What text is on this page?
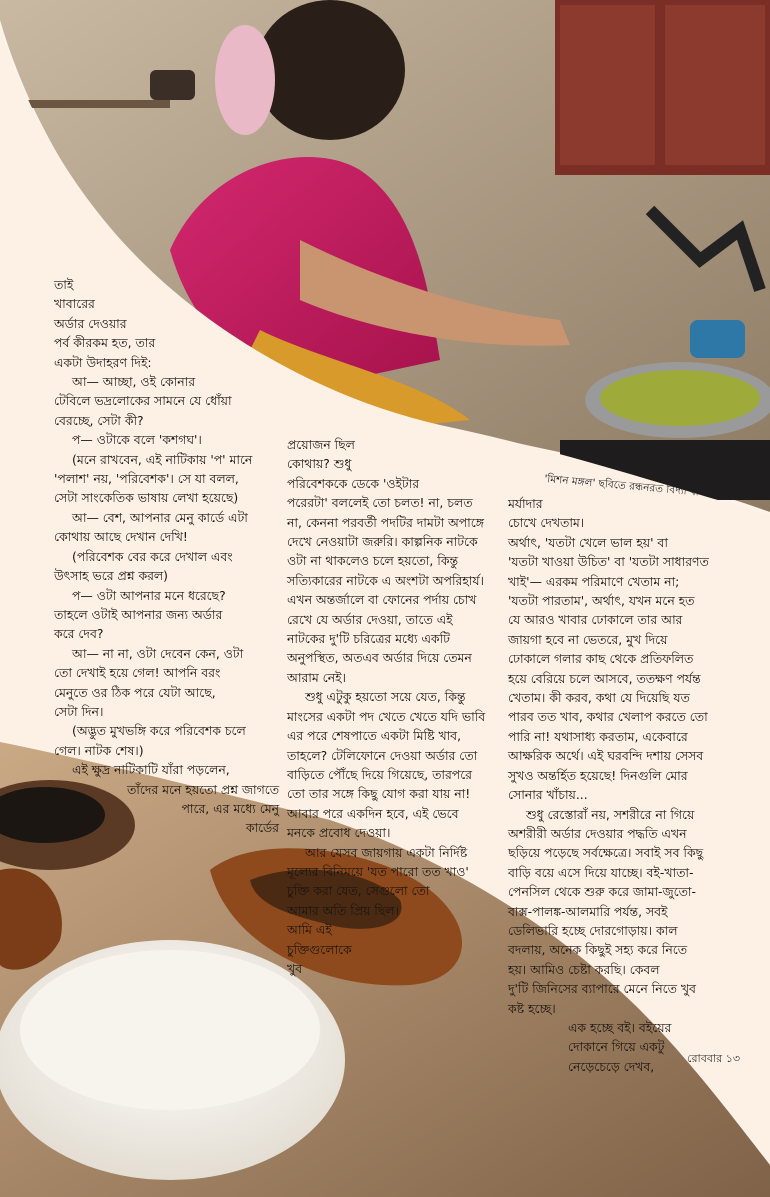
'মিশন মঙ্গল' ছবিতে রন্ধনরত বিদ্যা বালন

তাই

খাবারের

অর্ডার দেওয়ার

পর্ব কীরকম হত, তার

একটা উদাহরণ দিই:

আ— আচ্ছা, ওই কোনার

টেবিলে ভদ্রলোকের সামনে যে ধোঁয়া

বেরচ্ছে, সেটা কী?

প— ওটাকে বলে 'কশগঘ'।

(মনে রাখবেন, এই নাটিকায় 'প' মানে

'পলাশ' নয়, 'পরিবেশক'। সে যা বলল,

সেটা সাংকেতিক ভাষায় লেখা হয়েছে)

আ— বেশ, আপনার মেনু কার্ডে এটা

কোথায় আছে দেখান দেখি!

(পরিবেশক বের করে দেখাল এবং

উৎসাহ ভরে প্রশ্ন করল)

প— ওটা আপনার মনে ধরেছে?

তাহলে ওটাই আপনার জন্য অর্ডার

করে দেব?

আ— না না, ওটা দেবেন কেন, ওটা

তো দেখাই হয়ে গেল! আপনি বরং

মেনুতে ওর ঠিক পরে যেটা আছে,

সেটা দিন।

(অদ্ভুত মুখভঙ্গি করে পরিবেশক চলে

গেল। নাটক শেষ।)

এই ক্ষুদ্র নাটিকাটি যাঁরা পড়লেন,

তাঁদের মনে হয়তো প্রশ্ন জাগতে

পারে, এর মধ্যে মেনু

কার্ডের

প্রয়োজন ছিল

কোথায়? শুধু

পরিবেশককে ডেকে 'ওইটার

পরেরটা' বললেই তো চলত! না, চলত

না, কেননা পরবর্তী পদটির দামটা অপাঙ্গে

দেখে নেওয়াটা জরুরি। কাল্পনিক নাটকে

ওটা না থাকলেও চলে হয়তো, কিন্তু

সত্যিকারের নাটকে এ অংশটা অপরিহার্য।

এখন অন্তর্জালে বা ফোনের পর্দায় চোখ

রেখে যে অর্ডার দেওয়া, তাতে এই

নাটকের দু'টি চরিত্রের মধ্যে একটি

অনুপস্থিত, অতএব অর্ডার দিয়ে তেমন

আরাম নেই।

শুধু এটুকু হয়তো সয়ে যেত, কিন্তু

মাংসের একটা পদ খেতে খেতে যদি ভাবি

এর পরে শেষপাতে একটা মিষ্টি খাব,

তাহলে? টেলিফোনে দেওয়া অর্ডার তো

বাড়িতে পৌঁছে দিয়ে গিয়েছে, তারপরে

তো তার সঙ্গে কিছু যোগ করা যায় না!

আবার পরে একদিন হবে, এই ভেবে

মনকে প্রবোধ দেওয়া।

আর যেসব জায়গায় একটা নির্দিষ্ট

মূল্যের বিনিময়ে 'যত পারো তত খাও'

চুক্তি করা যেত, সেগুলো তো

আমার অতি প্রিয় ছিল।

আমি এই

চুক্তিগুলোকে

খুব

মর্যাদার

চোখে দেখতাম।

অর্থাৎ, 'যতটা খেলে ভাল হয়' বা

'যতটা খাওয়া উচিত' বা 'যতটা সাধারণত

খাই'— এরকম পরিমাণে খেতাম না;

'যতটা পারতাম', অর্থাৎ, যখন মনে হত

যে আরও খাবার ঢোকালে তার আর

জায়গা হবে না ভেতরে, মুখ দিয়ে

ঢোকালে গলার কাছ থেকে প্রতিফলিত

হয়ে বেরিয়ে চলে আসবে, ততক্ষণ পর্যন্ত

খেতাম। কী করব, কথা যে দিয়েছি যত

পারব তত খাব, কথার খেলাপ করতে তো

পারি না! যথাসাধ্য করতাম, একেবারে

আক্ষরিক অর্থে। এই ঘরবন্দি দশায় সেসব

সুখও অন্তর্হিত হয়েছে! দিনগুলি মোর

সোনার খাঁচায়...

শুধু রেস্তোরাঁ নয়, সশরীরে না গিয়ে

অশরীরী অর্ডার দেওয়ার পদ্ধতি এখন

ছড়িয়ে পড়েছে সর্বক্ষেত্রে। সবাই সব কিছু

বাড়ি বয়ে এসে দিয়ে যাচ্ছে। বই-খাতা-

পেনসিল থেকে শুরু করে জামা-জুতো-

বাক্স-পালঙ্ক-আলমারি পর্যন্ত, সবই

ডেলিভারি হচ্ছে দোরগোড়ায়। কাল

বদলায়, অনেক কিছুই সহ্য করে নিতে

হয়। আমিও চেষ্টা করছি। কেবল

দু'টি জিনিসের ব্যাপারে মেনে নিতে খুব

কষ্ট হচ্ছে।

এক হচ্ছে বই। বইয়ের

দোকানে গিয়ে একটু

নেড়েচেড়ে দেখব,

রোববার ১৩
